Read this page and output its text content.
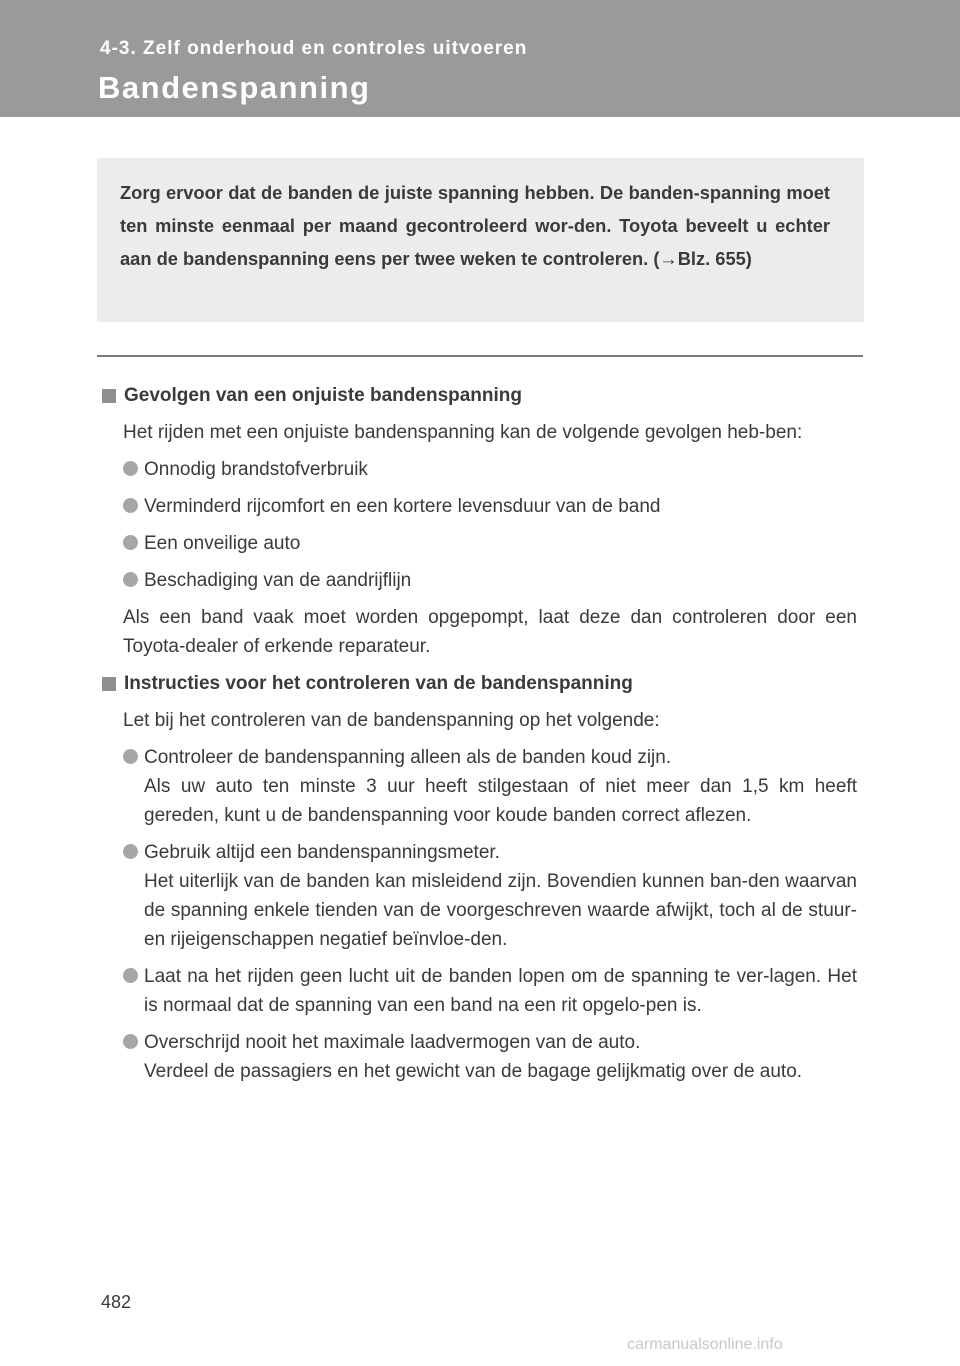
4-3. Zelf onderhoud en controles uitvoeren
Bandenspanning
Zorg ervoor dat de banden de juiste spanning hebben. De banden-spanning moet ten minste eenmaal per maand gecontroleerd wor-den. Toyota beveelt u echter aan de bandenspanning eens per twee weken te controleren. (→Blz. 655)
Gevolgen van een onjuiste bandenspanning
Het rijden met een onjuiste bandenspanning kan de volgende gevolgen heb-ben:
Onnodig brandstofverbruik
Verminderd rijcomfort en een kortere levensduur van de band
Een onveilige auto
Beschadiging van de aandrijflijn
Als een band vaak moet worden opgepompt, laat deze dan controleren door een Toyota-dealer of erkende reparateur.
Instructies voor het controleren van de bandenspanning
Let bij het controleren van de bandenspanning op het volgende:
Controleer de bandenspanning alleen als de banden koud zijn.
Als uw auto ten minste 3 uur heeft stilgestaan of niet meer dan 1,5 km heeft gereden, kunt u de bandenspanning voor koude banden correct aflezen.
Gebruik altijd een bandenspanningsmeter.
Het uiterlijk van de banden kan misleidend zijn. Bovendien kunnen ban-den waarvan de spanning enkele tienden van de voorgeschreven waarde afwijkt, toch al de stuur- en rijeigenschappen negatief beïnvloe-den.
Laat na het rijden geen lucht uit de banden lopen om de spanning te ver-lagen. Het is normaal dat de spanning van een band na een rit opgelo-pen is.
Overschrijd nooit het maximale laadvermogen van de auto.
Verdeel de passagiers en het gewicht van de bagage gelijkmatig over de auto.
482
carmanualsonline.info
